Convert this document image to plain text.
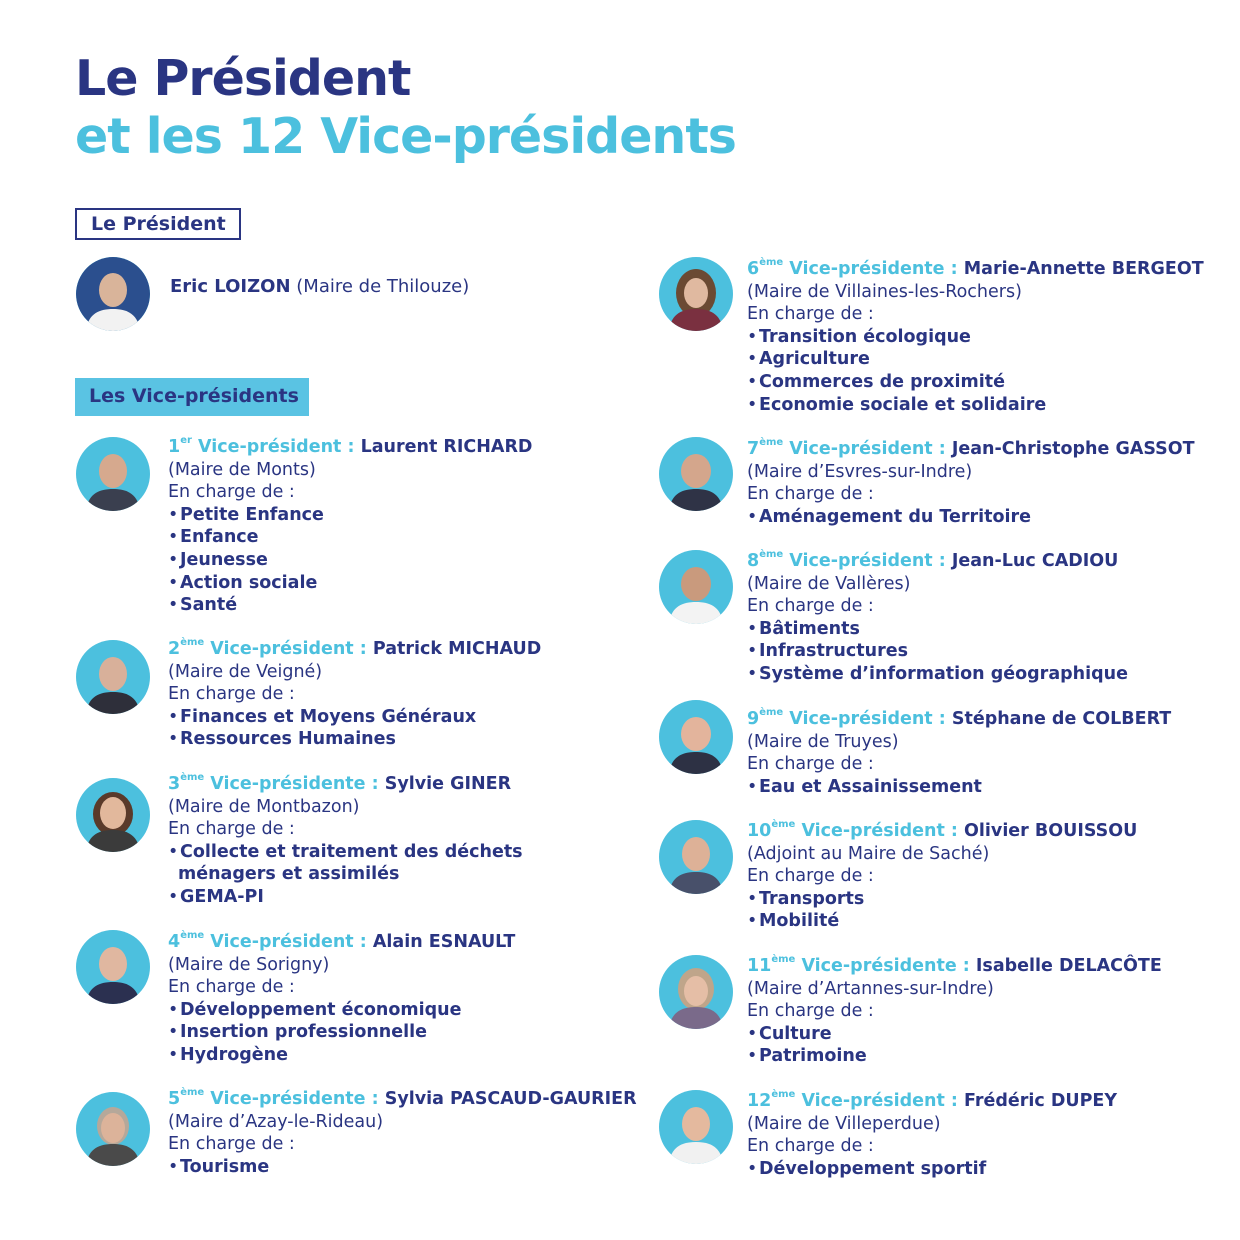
Le Président
et les 12 Vice-présidents
Le Président
Eric LOIZON (Maire de Thilouze)
Les Vice-présidents
1er Vice-président : Laurent RICHARD
(Maire de Monts)
En charge de :
• Petite Enfance
• Enfance
• Jeunesse
• Action sociale
• Santé
2ème Vice-président : Patrick MICHAUD
(Maire de Veigné)
En charge de :
• Finances et Moyens Généraux
• Ressources Humaines
3ème Vice-présidente : Sylvie GINER
(Maire de Montbazon)
En charge de :
• Collecte et traitement des déchets
ménagers et assimilés
• GEMA-PI
4ème Vice-président : Alain ESNAULT
(Maire de Sorigny)
En charge de :
• Développement économique
• Insertion professionnelle
• Hydrogène
5ème Vice-présidente : Sylvia PASCAUD-GAURIER
(Maire d’Azay-le-Rideau)
En charge de :
• Tourisme
6ème Vice-présidente : Marie-Annette BERGEOT
(Maire de Villaines-les-Rochers)
En charge de :
• Transition écologique
• Agriculture
• Commerces de proximité
• Economie sociale et solidaire
7ème Vice-président : Jean-Christophe GASSOT
(Maire d’Esvres-sur-Indre)
En charge de :
• Aménagement du Territoire
8ème Vice-président : Jean-Luc CADIOU
(Maire de Vallères)
En charge de :
• Bâtiments
• Infrastructures
• Système d’information géographique
9ème Vice-président : Stéphane de COLBERT
(Maire de Truyes)
En charge de :
• Eau et Assainissement
10ème Vice-président : Olivier BOUISSOU
(Adjoint au Maire de Saché)
En charge de :
• Transports
• Mobilité
11ème Vice-présidente : Isabelle DELACÔTE
(Maire d’Artannes-sur-Indre)
En charge de :
• Culture
• Patrimoine
12ème Vice-président : Frédéric DUPEY
(Maire de Villeperdue)
En charge de :
• Développement sportif
